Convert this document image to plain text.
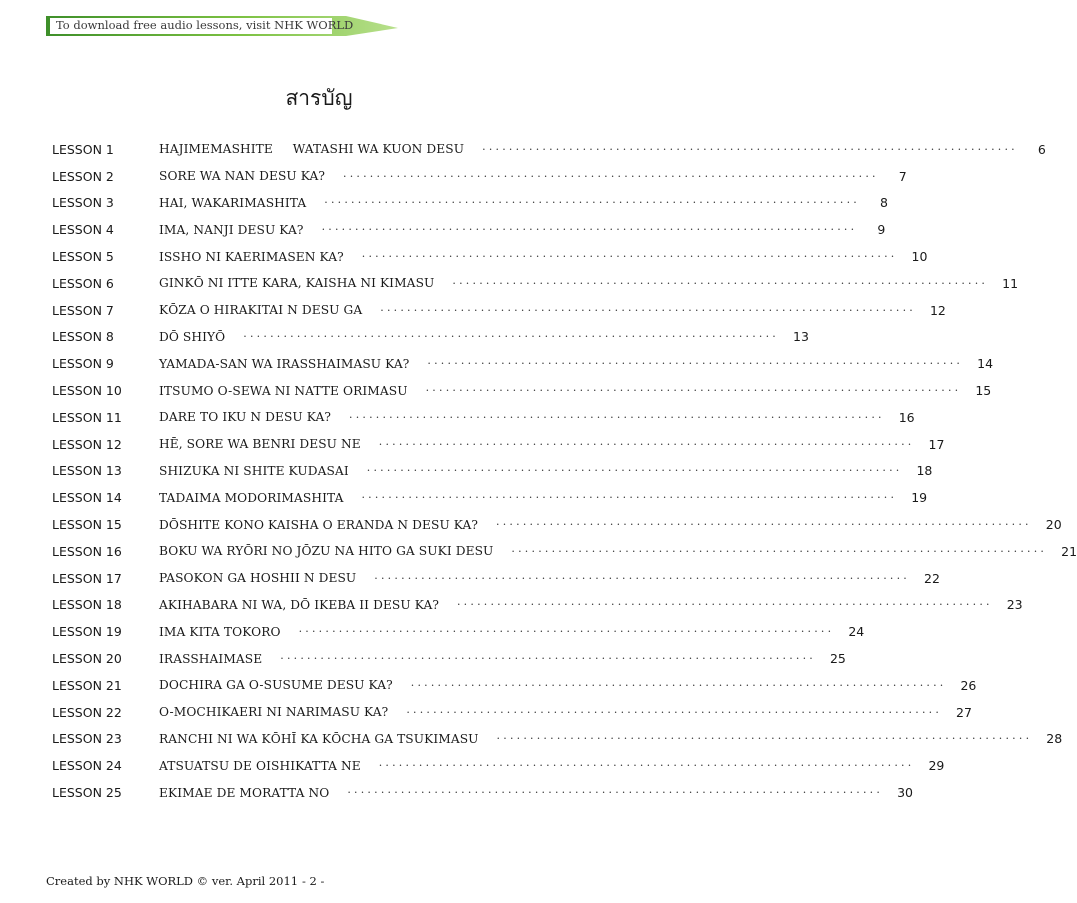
To download free audio lessons, visit NHK WORLD
สารบัญ
LESSON 1	HAJIMEMASHITE     WATASHI WA KUON DESU ················································································	6
LESSON 2	SORE WA NAN DESU KA? ················································································	7
LESSON 3	HAI, WAKARIMASHITA ················································································	8
LESSON 4	IMA, NANJI DESU KA? ················································································	9
LESSON 5	ISSHO NI KAERIMASEN KA? ················································································ 10
LESSON 6	GINKŌ NI ITTE KARA, KAISHA NI KIMASU ················································································ 11
LESSON 7	KŌZA O HIRAKITAI N DESU GA ················································································ 12
LESSON 8	DŌ SHIYŌ ················································································ 13
LESSON 9	YAMADA-SAN WA IRASSHAIMASU KA? ················································································ 14
LESSON 10	ITSUMO O-SEWA NI NATTE ORIMASU ················································································ 15
LESSON 11	DARE TO IKU N DESU KA? ················································································ 16
LESSON 12	HĒ, SORE WA BENRI DESU NE ················································································ 17
LESSON 13	SHIZUKA NI SHITE KUDASAI ················································································ 18
LESSON 14	TADAIMA MODORIMASHITA ················································································ 19
LESSON 15	DŌSHITE KONO KAISHA O ERANDA N DESU KA? ················································································ 20
LESSON 16	BOKU WA RYŌRI NO JŌZU NA HITO GA SUKI DESU ················································································ 21
LESSON 17	PASOKON GA HOSHII N DESU ················································································ 22
LESSON 18	AKIHABARA NI WA, DŌ IKEBA II DESU KA? ················································································ 23
LESSON 19	IMA KITA TOKORO ················································································ 24
LESSON 20	IRASSHAIMASE ················································································ 25
LESSON 21	DOCHIRA GA O-SUSUME DESU KA? ················································································ 26
LESSON 22	O-MOCHIKAERI NI NARIMASU KA? ················································································ 27
LESSON 23	RANCHI NI WA KŌHĪ KA KŌCHA GA TSUKIMASU ················································································ 28
LESSON 24	ATSUATSU DE OISHIKATTA NE ················································································ 29
LESSON 25	EKIMAE DE MORATTA NO ················································································ 30
Created by NHK WORLD © ver. April 2011 - 2 -
